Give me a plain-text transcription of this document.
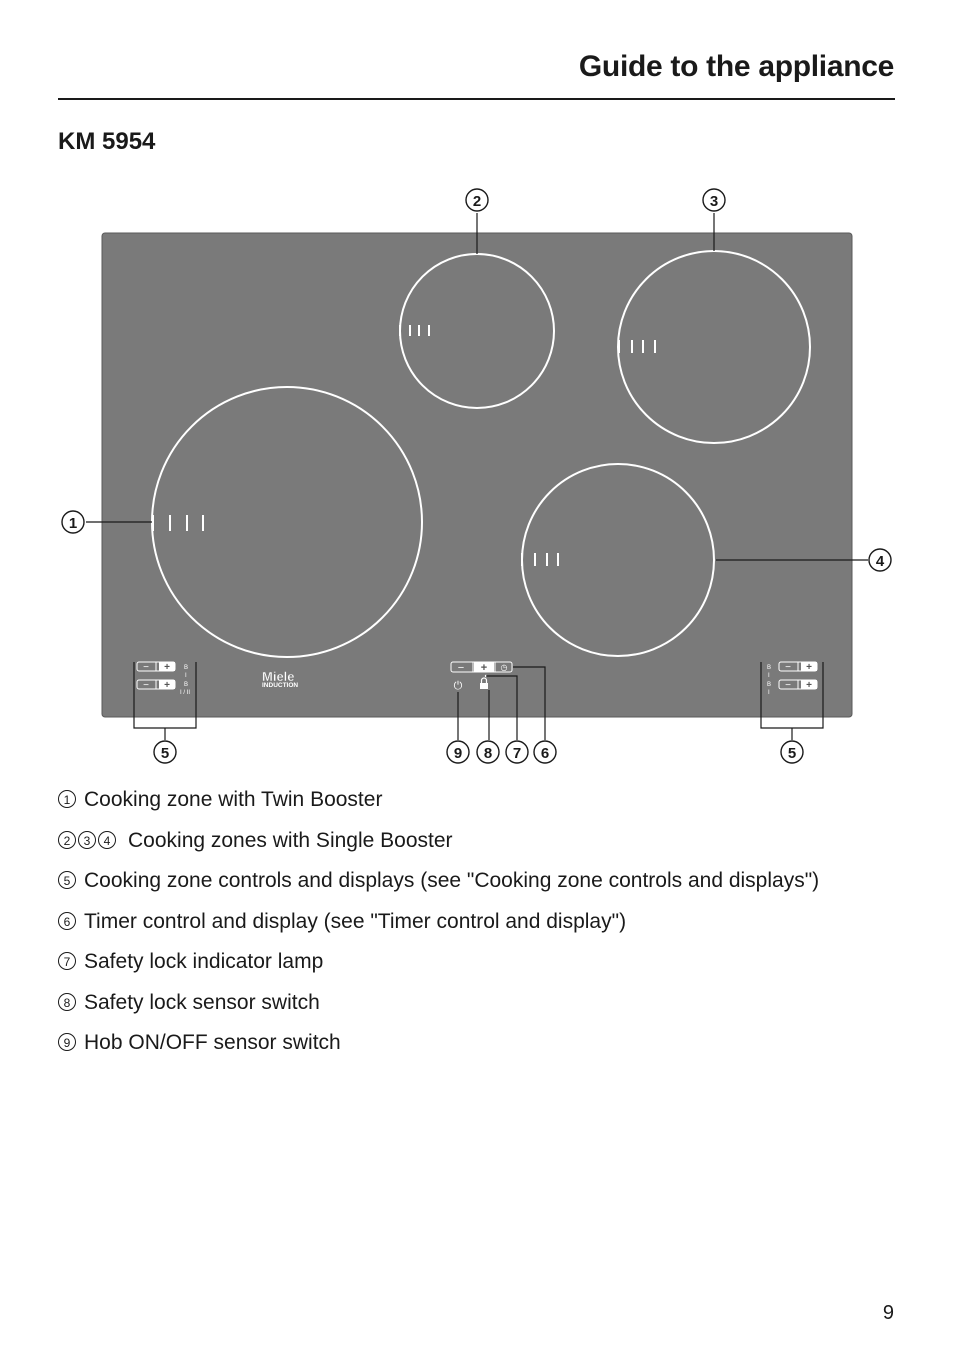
Guide to the appliance
KM 5954
− +
− +
B
I
B
I / II
Miele
INDUCTION
− + ◷
⏻
− +
− +
B
I
B
I
1
2	3
4
5	5
9 8 7 6
1 Cooking zone with Twin Booster
2	3	4 Cooking zones with Single Booster
5 Cooking zone controls and displays (see "Cooking zone controls and displays")
6 Timer control and display (see "Timer control and display")
7 Safety lock indicator lamp
8 Safety lock sensor switch
9 Hob ON/OFF sensor switch
9
